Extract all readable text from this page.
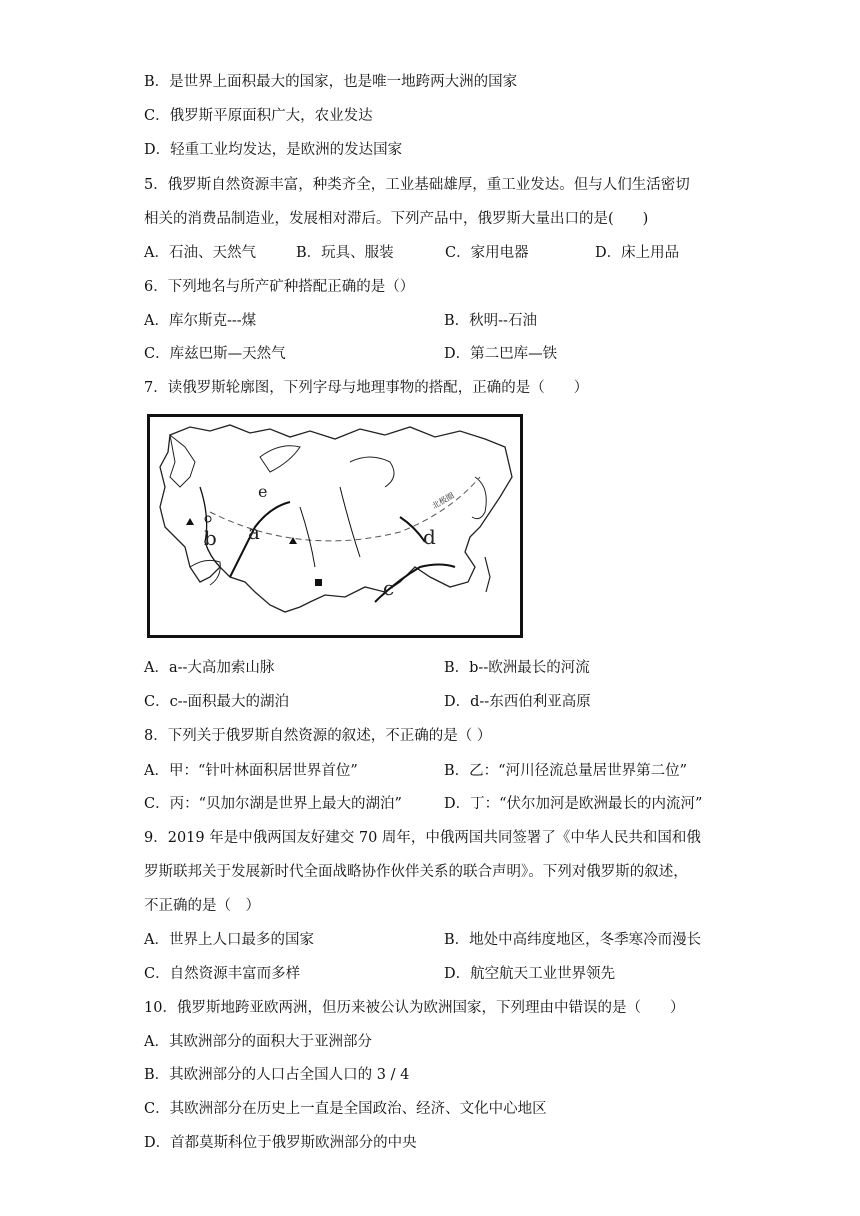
B．是世界上面积最大的国家，也是唯一地跨两大洲的国家
C．俄罗斯平原面积广大，农业发达
D．轻重工业均发达，是欧洲的发达国家
5．俄罗斯自然资源丰富，种类齐全，工业基础雄厚，重工业发达。但与人们生活密切
相关的消费品制造业，发展相对滞后。下列产品中，俄罗斯大量出口的是(　　)
A．石油、天然气	B．玩具、服装	C．家用电器	D．床上用品
6．下列地名与所产矿种搭配正确的是（）
A．库尔斯克---煤	B．秋明--石油
C．库兹巴斯—天然气	D．第二巴库—铁
7．读俄罗斯轮廓图，下列字母与地理事物的搭配，正确的是（　　）
b a
e
d
c
北极圈
A．a--大高加索山脉	B．b--欧洲最长的河流
C．c--面积最大的湖泊	D．d--东西伯利亚高原
8．下列关于俄罗斯自然资源的叙述，不正确的是（ ）
A．甲：“针叶林面积居世界首位”	B．乙：“河川径流总量居世界第二位”
C．丙：“贝加尔湖是世界上最大的湖泊”	D．丁：“伏尔加河是欧洲最长的内流河”
9．2019 年是中俄两国友好建交 70 周年，中俄两国共同签署了《中华人民共和国和俄
罗斯联邦关于发展新时代全面战略协作伙伴关系的联合声明》。下列对俄罗斯的叙述，
不正确的是（　）
A．世界上人口最多的国家	B．地处中高纬度地区，冬季寒冷而漫长
C．自然资源丰富而多样	D．航空航天工业世界领先
10．俄罗斯地跨亚欧两洲，但历来被公认为欧洲国家，下列理由中错误的是（　　）
A．其欧洲部分的面积大于亚洲部分
B．其欧洲部分的人口占全国人口的 3 / 4
C．其欧洲部分在历史上一直是全国政治、经济、文化中心地区
D．首都莫斯科位于俄罗斯欧洲部分的中央
